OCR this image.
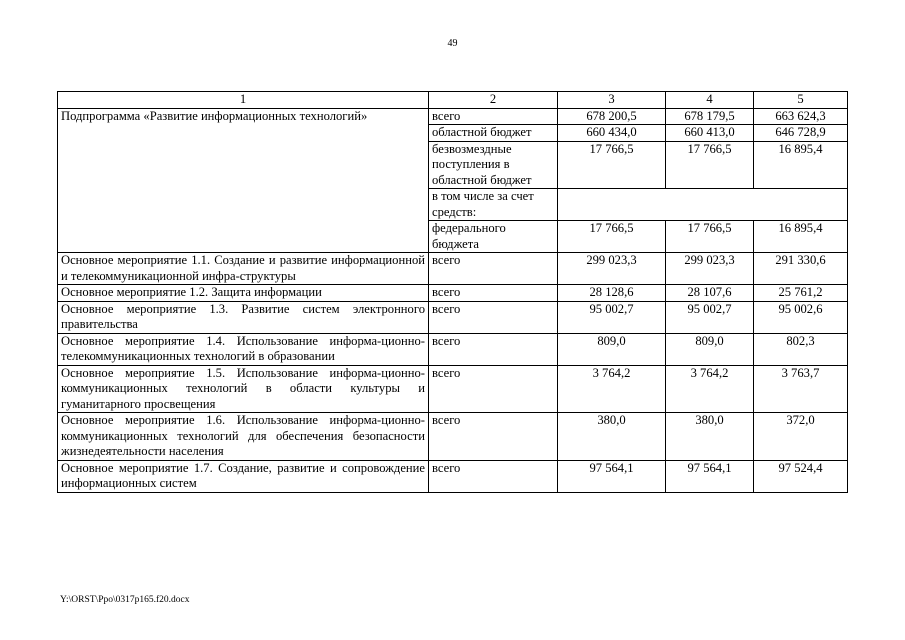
49
1	2	3	4	5
Подпрограмма «Развитие информационных технологий»	всего	678 200,5	678 179,5	663 624,3
	областной бюджет	660 434,0	660 413,0	646 728,9
	безвозмездные поступления в областной бюджет	17 766,5	17 766,5	16 895,4
	в том числе за счет средств:			
	федерального бюджета	17 766,5	17 766,5	16 895,4
Основное мероприятие 1.1. Создание и развитие информационной и телекоммуникационной инфра-структуры	всего	299 023,3	299 023,3	291 330,6
Основное мероприятие 1.2. Защита информации	всего	28 128,6	28 107,6	25 761,2
Основное мероприятие 1.3. Развитие систем электронного правительства	всего	95 002,7	95 002,7	95 002,6
Основное мероприятие 1.4. Использование информа-ционно-телекоммуникационных технологий в образовании	всего	809,0	809,0	802,3
Основное мероприятие 1.5. Использование информа-ционно-коммуникационных технологий в области культуры и гуманитарного просвещения	всего	3 764,2	3 764,2	3 763,7
Основное мероприятие 1.6. Использование информа-ционно-коммуникационных технологий для обеспечения безопасности жизнедеятельности населения	всего	380,0	380,0	372,0
Основное мероприятие 1.7. Создание, развитие и сопровождение информационных систем	всего	97 564,1	97 564,1	97 524,4
Y:\ORST\Ppo\0317p165.f20.docx
